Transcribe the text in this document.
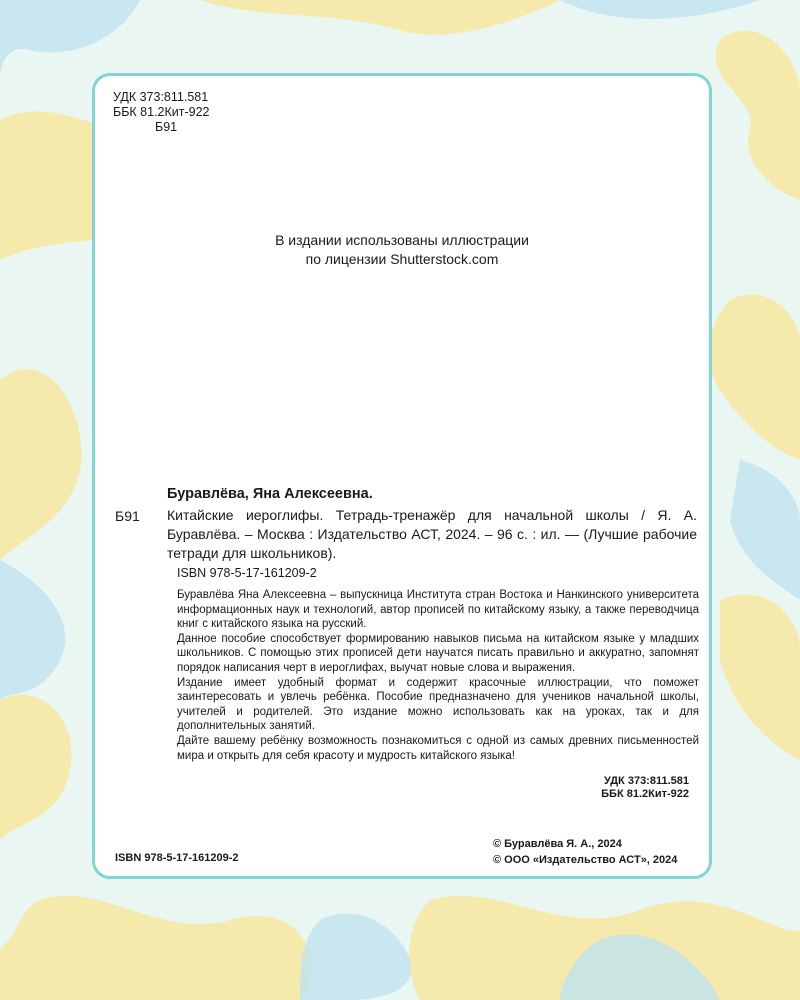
УДК 373:811.581
ББК 81.2Кит-922
Б91
В издании использованы иллюстрации
по лицензии Shutterstock.com
Буравлёва, Яна Алексеевна.
Б91 Китайские иероглифы. Тетрадь-тренажёр для начальной школы / Я. А. Буравлёва. – Москва : Издательство АСТ, 2024. – 96 с. : ил. — (Лучшие рабочие тетради для школьников).
ISBN 978-5-17-161209-2

Буравлёва Яна Алексеевна – выпускница Института стран Востока и Нанкинского университета информационных наук и технологий, автор прописей по китайскому языку, а также переводчица книг с китайского языка на русский.

Данное пособие способствует формированию навыков письма на китайском языке у младших школьников. С помощью этих прописей дети научатся писать правильно и аккуратно, запомнят порядок написания черт в иероглифах, выучат новые слова и выражения.

Издание имеет удобный формат и содержит красочные иллюстрации, что поможет заинтересовать и увлечь ребёнка. Пособие предназначено для учеников начальной школы, учителей и родителей. Это издание можно использовать как на уроках, так и для дополнительных занятий.

Дайте вашему ребёнку возможность познакомиться с одной из самых древних письменностей мира и открыть для себя красоту и мудрость китайского языка!

УДК 373:811.581
ББК 81.2Кит-922
ISBN 978-5-17-161209-2
© Буравлёва Я. А., 2024
© ООО «Издательство АСТ», 2024
